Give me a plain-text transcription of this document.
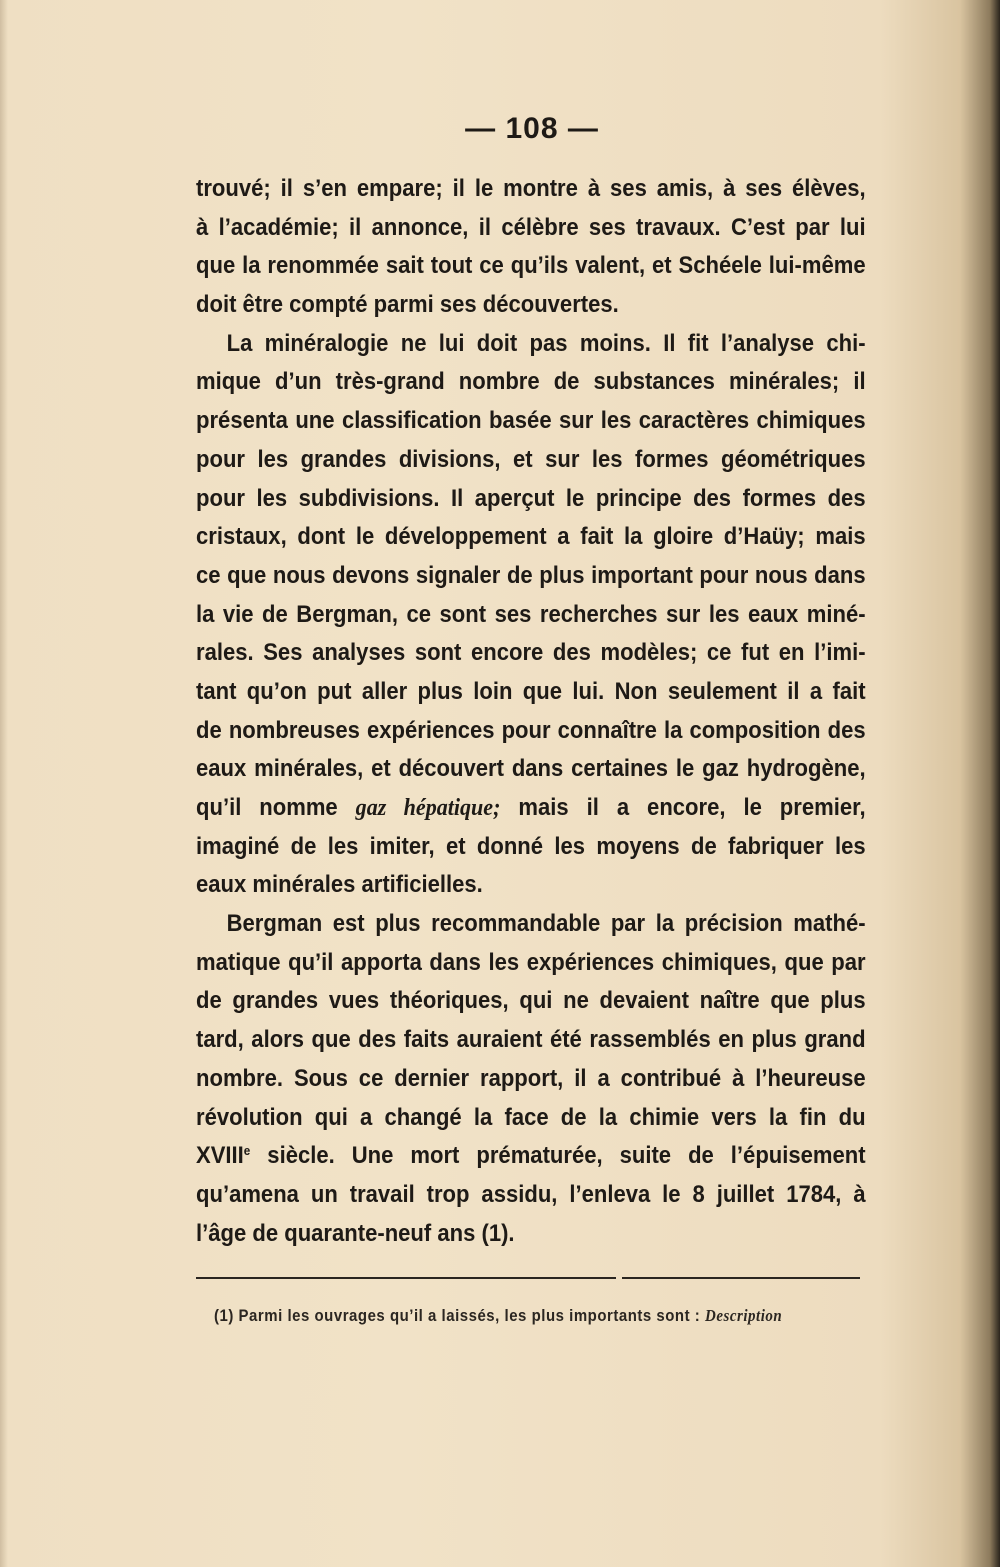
— 108 —

trouvé; il s’en empare; il le montre à ses amis, à ses élèves,
à l’académie; il annonce, il célèbre ses travaux. C’est par lui
que la renommée sait tout ce qu’ils valent, et Schéele lui-même
doit être compté parmi ses découvertes.
La minéralogie ne lui doit pas moins. Il fit l’analyse chi-
mique d’un très-grand nombre de substances minérales; il
présenta une classification basée sur les caractères chimiques
pour les grandes divisions, et sur les formes géométriques
pour les subdivisions. Il aperçut le principe des formes des
cristaux, dont le développement a fait la gloire d’Haüy; mais
ce que nous devons signaler de plus important pour nous dans
la vie de Bergman, ce sont ses recherches sur les eaux miné-
rales. Ses analyses sont encore des modèles; ce fut en l’imi-
tant qu’on put aller plus loin que lui. Non seulement il a fait
de nombreuses expériences pour connaître la composition des
eaux minérales, et découvert dans certaines le gaz hydrogène,
qu’il nomme gaz hépatique; mais il a encore, le premier,
imaginé de les imiter, et donné les moyens de fabriquer les
eaux minérales artificielles.
Bergman est plus recommandable par la précision mathé-
matique qu’il apporta dans les expériences chimiques, que par
de grandes vues théoriques, qui ne devaient naître que plus
tard, alors que des faits auraient été rassemblés en plus grand
nombre. Sous ce dernier rapport, il a contribué à l’heureuse
révolution qui a changé la face de la chimie vers la fin du
XVIIIe siècle. Une mort prématurée, suite de l’épuisement
qu’amena un travail trop assidu, l’enleva le 8 juillet 1784, à
l’âge de quarante-neuf ans (1).
(1) Parmi les ouvrages qu’il a laissés, les plus importants sont : Description
